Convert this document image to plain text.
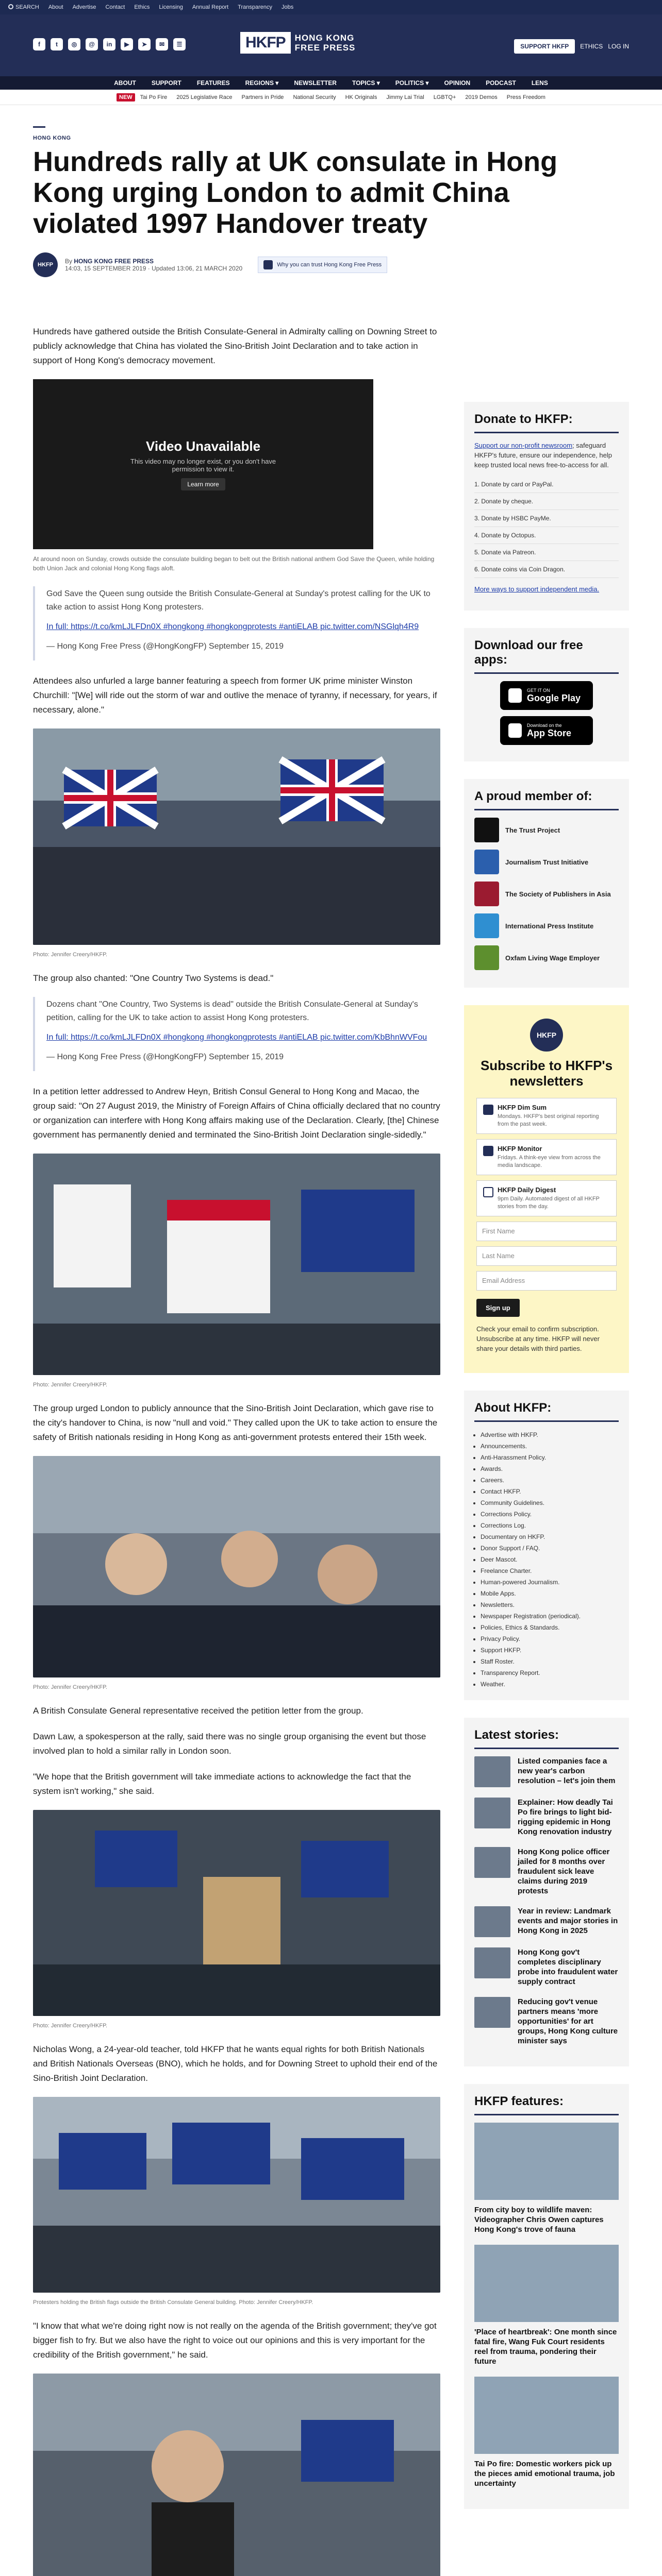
SEARCH About Advertise Contact Ethics Licensing Annual Report Transparency Jobs
f	t	◎	@	in	▶	➤	✉	☰	HKFP	HONG KONG
FREE PRESS	SUPPORT HKFP	ETHICS LOG IN
ABOUT	SUPPORT	FEATURES	REGIONS ▾	NEWSLETTER	TOPICS ▾	POLITICS ▾	OPINION	PODCAST	LENS
NEW	Tai Po Fire 2025 Legislative Race Partners in Pride National Security HK Originals Jimmy Lai Trial LGBTQ+ 2019 Demos Press Freedom
HONG KONG
Hundreds rally at UK consulate in Hong Kong urging London to admit China violated 1997 Handover treaty
HKFP	By HONG KONG FREE PRESS
14:03, 15 SEPTEMBER 2019 · Updated 13:06, 21 MARCH 2020	Why you can trust Hong Kong Free Press

Hundreds have gathered outside the British Consulate-General in Admiralty calling on Downing Street to publicly acknowledge that China has violated the Sino-British Joint Declaration and to take action in support of Hong Kong's democracy movement.

Video Unavailable
This video may no longer exist, or you don't have permission to view it.
Learn more
At around noon on Sunday, crowds outside the consulate building began to belt out the British national anthem God Save the Queen, while holding both Union Jack and colonial Hong Kong flags aloft.

God Save the Queen sung outside the British Consulate-General at Sunday's protest calling for the UK to take action to assist Hong Kong protesters.

In full: https://t.co/kmLJLFDn0X #hongkong #hongkongprotests #antiELAB pic.twitter.com/NSGlqh4R9

— Hong Kong Free Press (@HongKongFP) September 15, 2019

Attendees also unfurled a large banner featuring a speech from former UK prime minister Winston Churchill: "[We] will ride out the storm of war and outlive the menace of tyranny, if necessary, for years, if necessary, alone."

Photo: Jennifer Creery/HKFP.

The group also chanted: "One Country Two Systems is dead."

Dozens chant "One Country, Two Systems is dead" outside the British Consulate-General at Sunday's petition, calling for the UK to take action to assist Hong Kong protesters.

In full: https://t.co/kmLJLFDn0X #hongkong #hongkongprotests #antiELAB pic.twitter.com/KbBhnWVFou

— Hong Kong Free Press (@HongKongFP) September 15, 2019

In a petition letter addressed to Andrew Heyn, British Consul General to Hong Kong and Macao, the group said: "On 27 August 2019, the Ministry of Foreign Affairs of China officially declared that no country or organization can interfere with Hong Kong affairs making use of the Declaration. Clearly, [the] Chinese government has permanently denied and terminated the Sino-British Joint Declaration single-sidedly."

Photo: Jennifer Creery/HKFP.

The group urged London to publicly announce that the Sino-British Joint Declaration, which gave rise to the city's handover to China, is now "null and void." They called upon the UK to take action to ensure the safety of British nationals residing in Hong Kong as anti-government protests entered their 15th week.

Photo: Jennifer Creery/HKFP.

A British Consulate General representative received the petition letter from the group.

Dawn Law, a spokesperson at the rally, said there was no single group organising the event but those involved plan to hold a similar rally in London soon.

"We hope that the British government will take immediate actions to acknowledge the fact that the system isn't working," she said.

Photo: Jennifer Creery/HKFP.

Nicholas Wong, a 24-year-old teacher, told HKFP that he wants equal rights for both British Nationals and British Nationals Overseas (BNO), which he holds, and for Downing Street to uphold their end of the Sino-British Joint Declaration.

Protesters holding the British flags outside the British Consulate General building. Photo: Jennifer Creery/HKFP.

"I know that what we're doing right now is not really on the agenda of the British government; they've got bigger fish to fry. But we also have the right to voice out our opinions and this is very important for the credibility of the British government," he said.

Donate to HKFP:

Support our non-profit newsroom; safeguard HKFP's future, ensure our independence, help keep trusted local news free-to-access for all.

1. Donate by card or PayPal.
2. Donate by cheque.
3. Donate by HSBC PayMe.
4. Donate by Octopus.
5. Donate via Patreon.
6. Donate coins via Coin Dragon.

More ways to support independent media.

Download our free apps:
GET IT ON
Google Play
Download on the
App Store
A proud member of:
The Trust Project
Journalism Trust Initiative
The Society of Publishers in Asia
International Press Institute
Oxfam Living Wage Employer
HKFP
Subscribe to HKFP's newsletters
HKFP Dim Sum
Mondays. HKFP's best original reporting from the past week.
HKFP Monitor
Fridays. A think-eye view from across the media landscape.
HKFP Daily Digest
9pm Daily. Automated digest of all HKFP stories from the day.
First Name
Last Name
Email Address
Sign up

Check your email to confirm subscription. Unsubscribe at any time. HKFP will never share your details with third parties.

About HKFP:
• Advertise with HKFP.
• Announcements.
• Anti-Harassment Policy.
• Awards.
• Careers.
• Contact HKFP.
• Community Guidelines.
• Corrections Policy.
• Corrections Log.
• Documentary on HKFP.
• Donor Support / FAQ.
• Deer Mascot.
• Freelance Charter.
• Human-powered Journalism.
• Mobile Apps.
• Newsletters.
• Newspaper Registration (periodical).
• Policies, Ethics & Standards.
• Privacy Policy.
• Support HKFP.
• Staff Roster.
• Transparency Report.
• Weather.
Latest stories:
Listed companies face a new year's carbon resolution – let's join them
Explainer: How deadly Tai Po fire brings to light bid-rigging epidemic in Hong Kong renovation industry
Hong Kong police officer jailed for 8 months over fraudulent sick leave claims during 2019 protests
Year in review: Landmark events and major stories in Hong Kong in 2025
Hong Kong gov't completes disciplinary probe into fraudulent water supply contract
Reducing gov't venue partners means 'more opportunities' for art groups, Hong Kong culture minister says
HKFP features:
From city boy to wildlife maven: Videographer Chris Owen captures Hong Kong's trove of fauna
'Place of heartbreak': One month since fatal fire, Wang Fuk Court residents reel from trauma, pondering their future
Tai Po fire: Domestic workers pick up the pieces amid emotional trauma, job uncertainty
